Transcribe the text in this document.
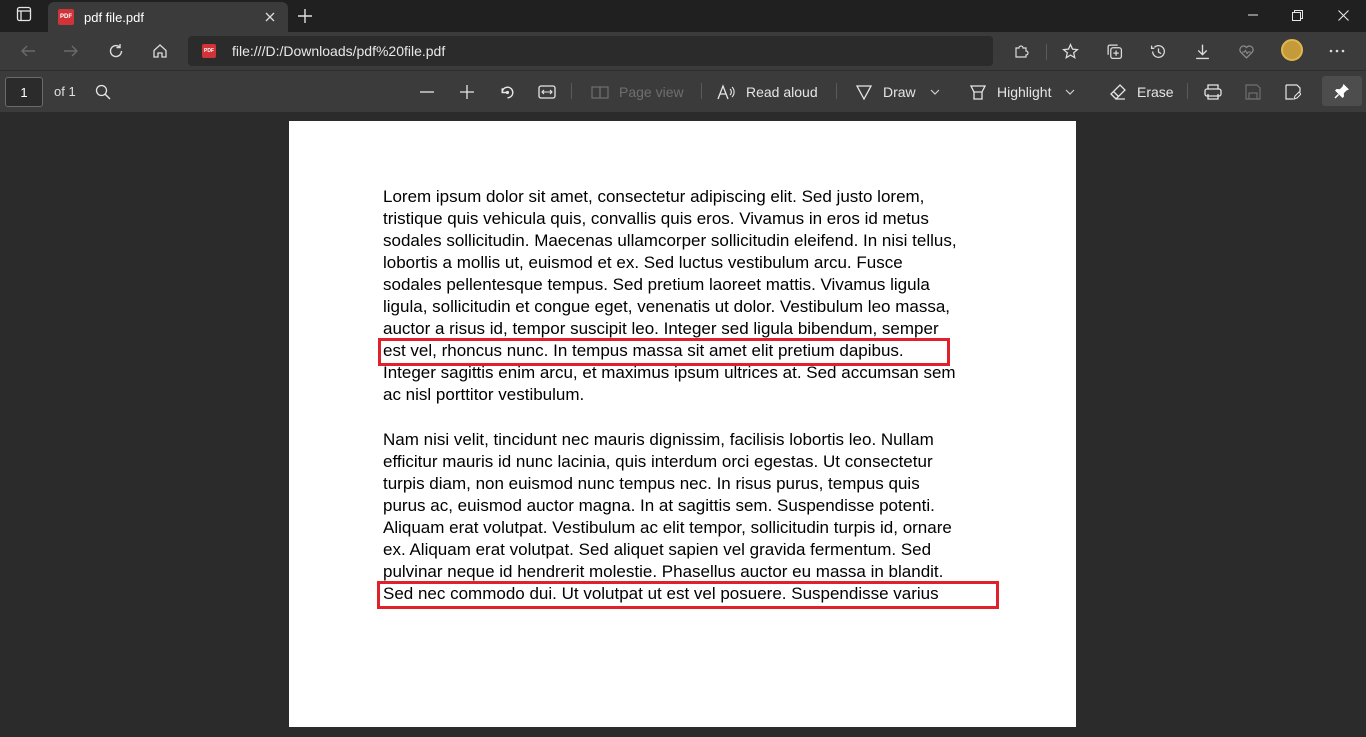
PDF pdf file.pdf
PDF file:///D:/Downloads/pdf%20file.pdf
1
of 1	Page view	Read aloud	Draw	Highlight	Erase
Lorem ipsum dolor sit amet, consectetur adipiscing elit. Sed justo lorem,
tristique quis vehicula quis, convallis quis eros. Vivamus in eros id metus
sodales sollicitudin. Maecenas ullamcorper sollicitudin eleifend. In nisi tellus,
lobortis a mollis ut, euismod et ex. Sed luctus vestibulum arcu. Fusce
sodales pellentesque tempus. Sed pretium laoreet mattis. Vivamus ligula
ligula, sollicitudin et congue eget, venenatis ut dolor. Vestibulum leo massa,
auctor a risus id, tempor suscipit leo. Integer sed ligula bibendum, semper
est vel, rhoncus nunc. In tempus massa sit amet elit pretium dapibus.
Integer sagittis enim arcu, et maximus ipsum ultrices at. Sed accumsan sem
ac nisl porttitor vestibulum.
Nam nisi velit, tincidunt nec mauris dignissim, facilisis lobortis leo. Nullam
efficitur mauris id nunc lacinia, quis interdum orci egestas. Ut consectetur
turpis diam, non euismod nunc tempus nec. In risus purus, tempus quis
purus ac, euismod auctor magna. In at sagittis sem. Suspendisse potenti.
Aliquam erat volutpat. Vestibulum ac elit tempor, sollicitudin turpis id, ornare
ex. Aliquam erat volutpat. Sed aliquet sapien vel gravida fermentum. Sed
pulvinar neque id hendrerit molestie. Phasellus auctor eu massa in blandit.
Sed nec commodo dui. Ut volutpat ut est vel posuere. Suspendisse varius
